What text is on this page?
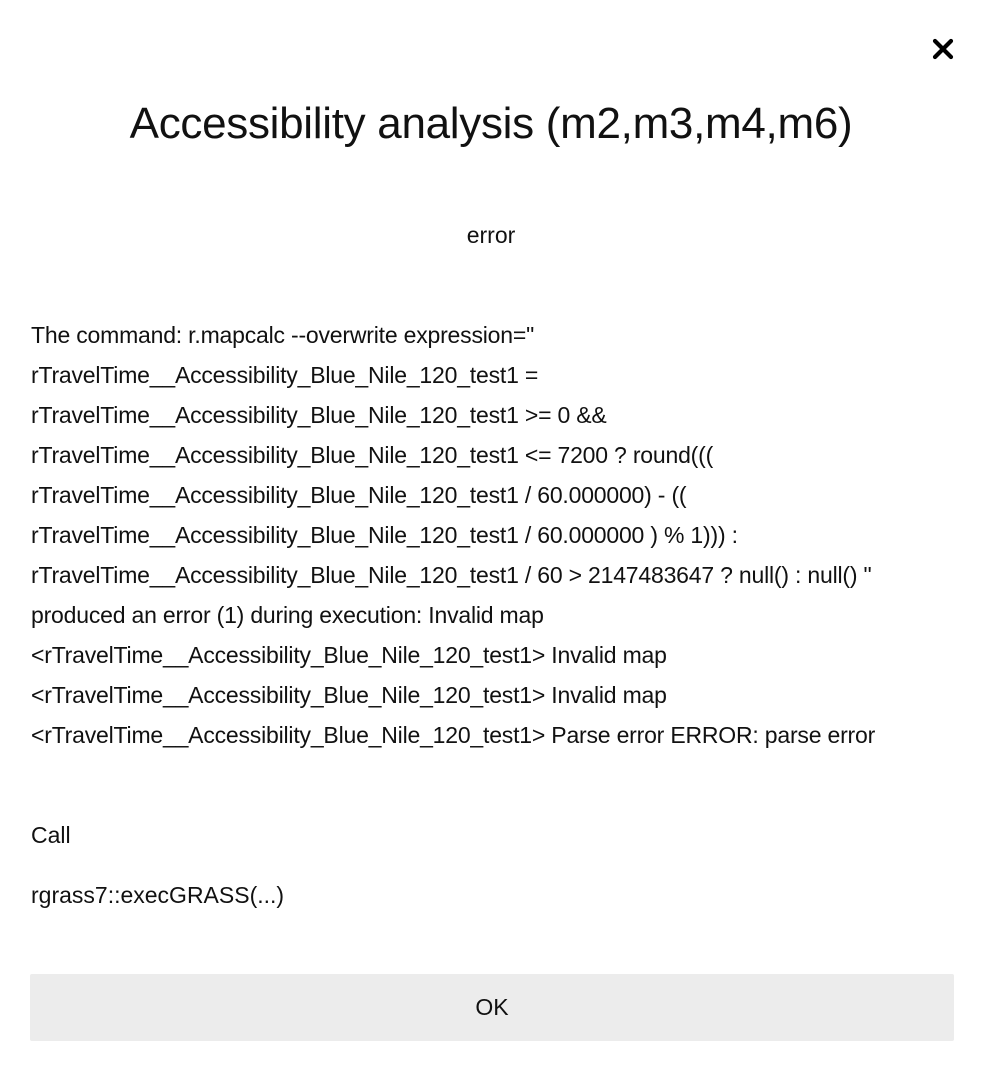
Accessibility analysis (m2,m3,m4,m6)
error

The command: r.mapcalc --overwrite expression=" rTravelTime__Accessibility_Blue_Nile_120_test1 = rTravelTime__Accessibility_Blue_Nile_120_test1 >= 0 && rTravelTime__Accessibility_Blue_Nile_120_test1 <= 7200 ? round((( rTravelTime__Accessibility_Blue_Nile_120_test1 / 60.000000) - (( rTravelTime__Accessibility_Blue_Nile_120_test1 / 60.000000 ) % 1))) : rTravelTime__Accessibility_Blue_Nile_120_test1 / 60 > 2147483647 ? null() : null() " produced an error (1) during execution: Invalid map <rTravelTime__Accessibility_Blue_Nile_120_test1> Invalid map <rTravelTime__Accessibility_Blue_Nile_120_test1> Invalid map <rTravelTime__Accessibility_Blue_Nile_120_test1> Parse error ERROR: parse error

Call
rgrass7::execGRASS(...)
OK
